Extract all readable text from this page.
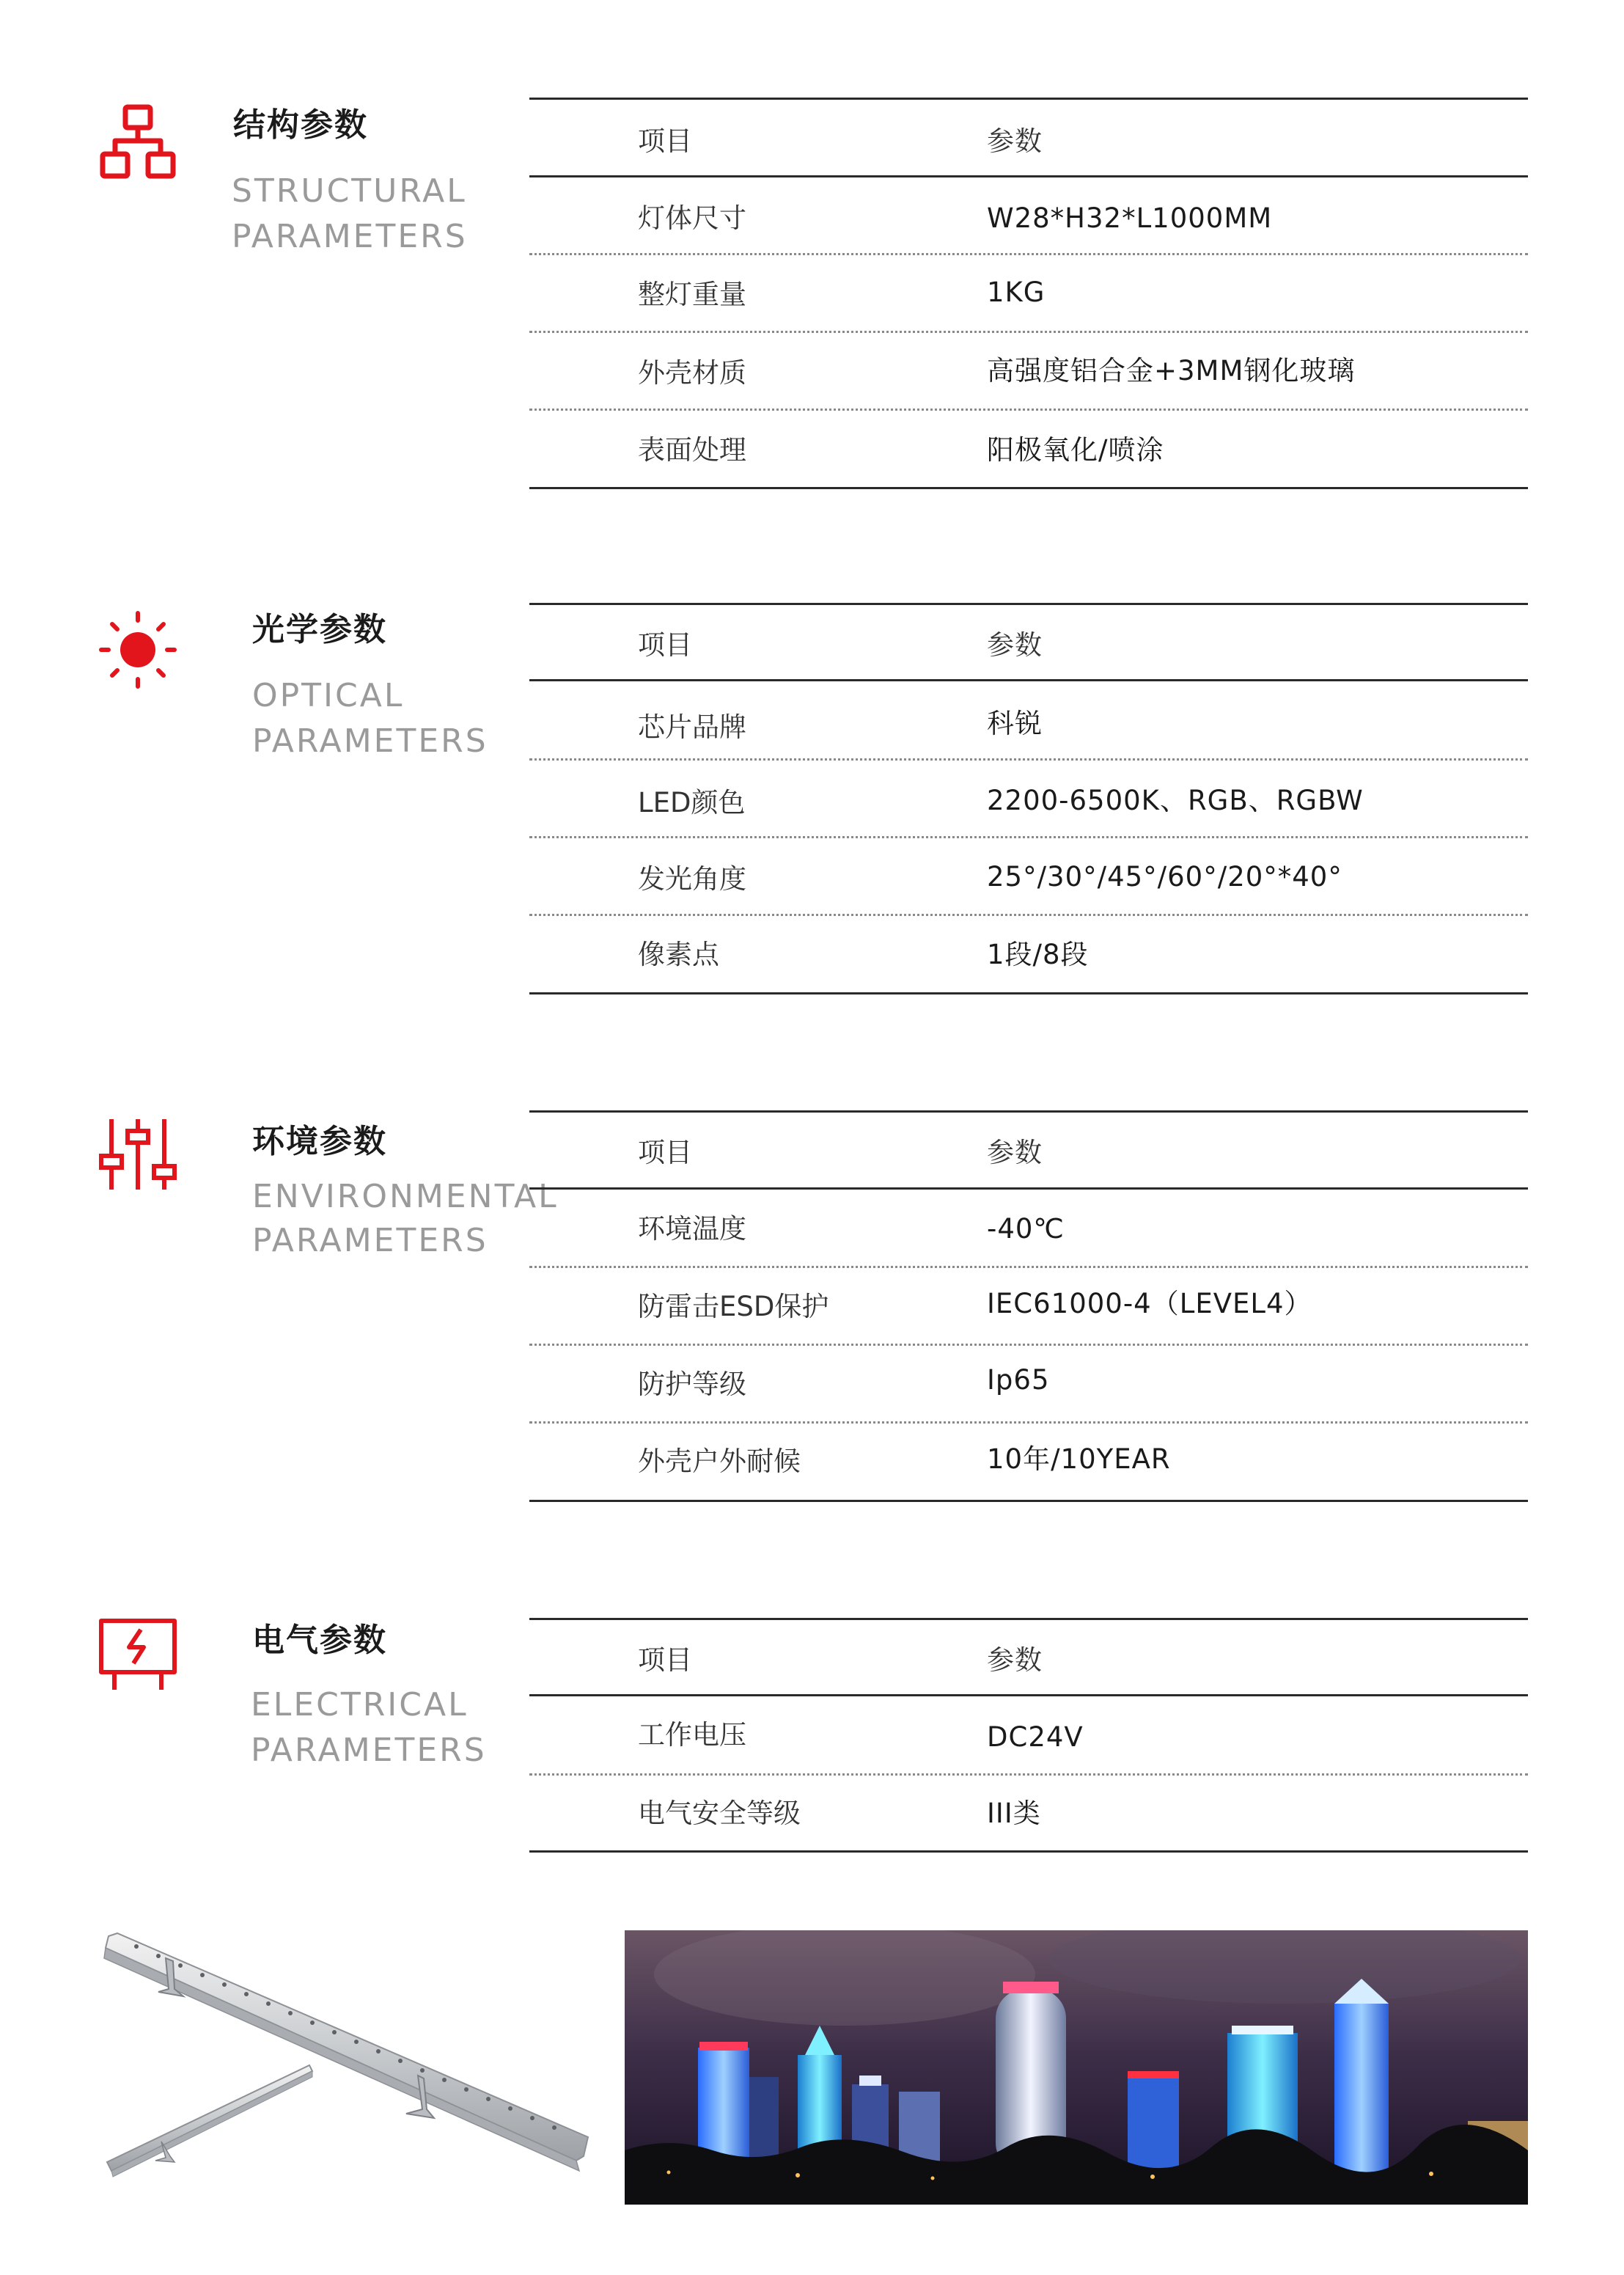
结构参数
STRUCTURAL
PARAMETERS
项目	参数
灯体尺寸	W28*H32*L1000MM
整灯重量	1KG
外壳材质	高强度铝合金+3MM钢化玻璃
表面处理	阳极氧化/喷涂
光学参数
OPTICAL
PARAMETERS
项目	参数
芯片品牌	科锐
LED颜色	2200-6500K、RGB、RGBW
发光角度	25°/30°/45°/60°/20°*40°
像素点	1段/8段
环境参数
ENVIRONMENTAL
PARAMETERS
项目	参数
环境温度	-40℃
防雷击ESD保护	IEC61000-4（LEVEL4）
防护等级	Ip65
外壳户外耐候	10年/10YEAR
电气参数
ELECTRICAL
PARAMETERS
项目	参数
工作电压	DC24V
电气安全等级	III类
